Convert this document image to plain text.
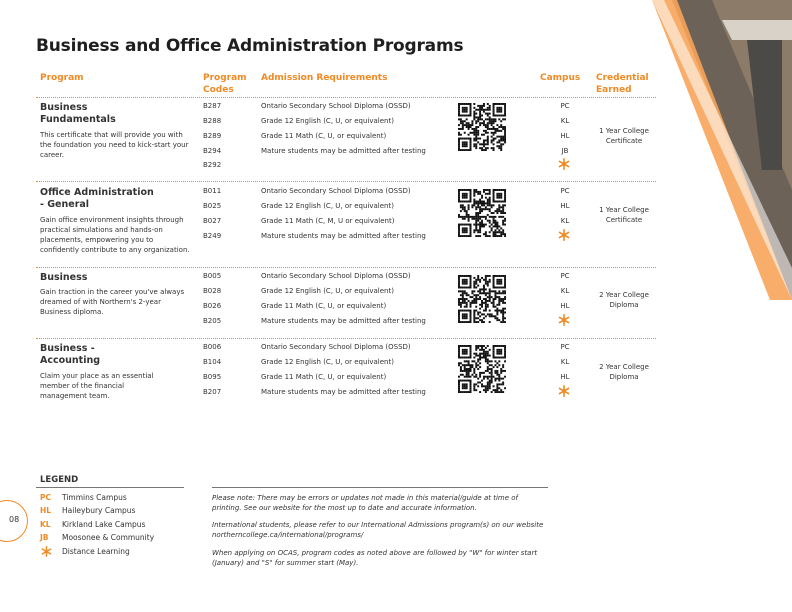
Business and Office Administration Programs
Program	Program Codes
Admission Requirements	Campus Credential Earned
Business Fundamentals
This certificate that will provide you with the foundation you need to kick-start your career.
B287
B288
B289
B294
B292
Ontario Secondary School Diploma (OSSD)
Grade 12 English (C, U, or equivalent)
Grade 11 Math (C, U, or equivalent)
Mature students may be admitted after testing
PC
KL
HL
JB
1 Year College Certificate
Office Administration - General
Gain office environment insights through practical simulations and hands-on placements, empowering you to confidently contribute to any organization.
B011
B025
B027
B249
Ontario Secondary School Diploma (OSSD)
Grade 12 English (C, U, or equivalent)
Grade 11 Math (C, M, U or equivalent)
Mature students may be admitted after testing
PC
HL
KL
1 Year College Certificate
Business
Gain traction in the career you've always dreamed of with Northern's 2-year Business diploma.
B005
B028
B026
B205
Ontario Secondary School Diploma (OSSD)
Grade 12 English (C, U, or equivalent)
Grade 11 Math (C, U, or equivalent)
Mature students may be admitted after testing
PC
KL
HL
2 Year College Diploma
Business - Accounting
Claim your place as an essential member of the financial management team.
B006
B104
B095
B207
Ontario Secondary School Diploma (OSSD)
Grade 12 English (C, U, or equivalent)
Grade 11 Math (C, U, or equivalent)
Mature students may be admitted after testing
PC
KL
HL
2 Year College Diploma
LEGEND
PC Timmins Campus
HL Haileybury Campus
KL Kirkland Lake Campus
JB Moosonee & Community
Distance Learning
Please note: There may be errors or updates not made in this material/guide at time of printing. See our website for the most up to date and accurate information.
International students, please refer to our International Admissions program(s) on our website northerncollege.ca/international/programs/
When applying on OCAS, program codes as noted above are followed by "W" for winter start (January) and "S" for summer start (May).
08
